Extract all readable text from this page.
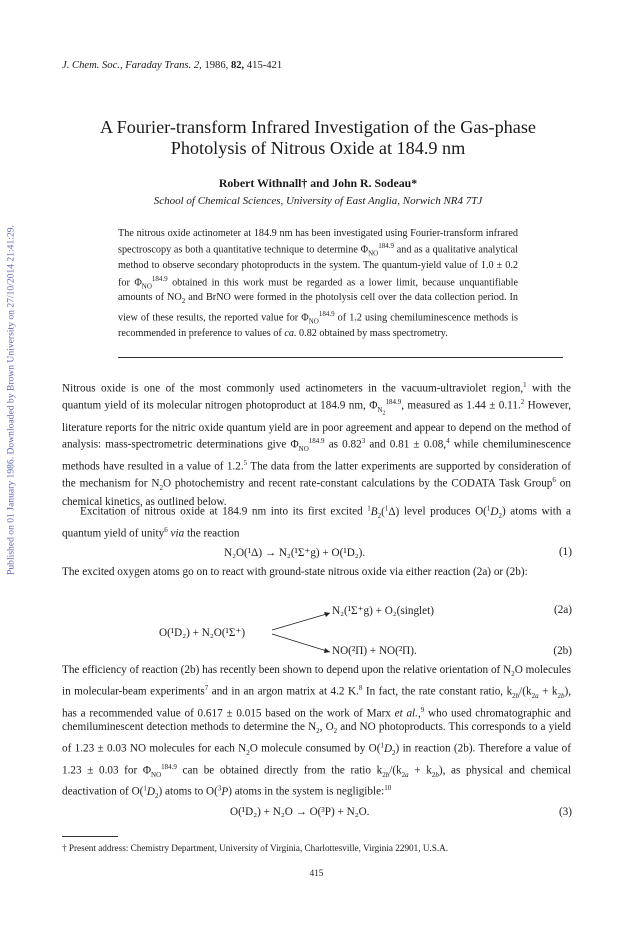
Published on 01 January 1986. Downloaded by Brown University on 27/10/2014 21:41:29.
J. Chem. Soc., Faraday Trans. 2, 1986, 82, 415-421
A Fourier-transform Infrared Investigation of the Gas-phase Photolysis of Nitrous Oxide at 184.9 nm
Robert Withnall† and John R. Sodeau*
School of Chemical Sciences, University of East Anglia, Norwich NR4 7TJ

The nitrous oxide actinometer at 184.9 nm has been investigated using Fourier-transform infrared spectroscopy as both a quantitative technique to determine $\Phi_{NO}^{184.9}$ and as a qualitative analytical method to observe secondary photoproducts in the system. The quantum-yield value of 1.0 ± 0.2 for $\Phi_{NO}^{184.9}$ obtained in this work must be regarded as a lower limit, because unquantifiable amounts of $NO_2$ and BrNO were formed in the photolysis cell over the data collection period. In view of these results, the reported value for $\Phi_{NO}^{184.9}$ of 1.2 using chemiluminescence methods is recommended in preference to values of ca. 0.82 obtained by mass spectrometry.

Nitrous oxide is one of the most commonly used actinometers in the vacuum-ultraviolet region,$^1$ with the quantum yield of its molecular nitrogen photoproduct at 184.9 nm, $\Phi_{N_2}^{184.9}$, measured as 1.44 ± 0.11.$^2$ However, literature reports for the nitric oxide quantum yield are in poor agreement and appear to depend on the method of analysis: mass-spectrometric determinations give $\Phi_{NO}^{184.9}$ as 0.82$^3$ and 0.81 ± 0.08,$^4$ while chemiluminescence methods have resulted in a value of 1.2.$^5$ The data from the latter experiments are supported by consideration of the mechanism for $N_2O$ photochemistry and recent rate-constant calculations by the CODATA Task Group$^6$ on chemical kinetics, as outlined below.

Excitation of nitrous oxide at 184.9 nm into its first excited $^1B_2(^1\Delta)$ level produces $O(^1D_2)$ atoms with a quantum yield of unity$^6$ via the reaction

N₂O(¹Δ) → N₂(¹Σ⁺g) + O(¹D₂).	(1)

The excited oxygen atoms go on to react with ground-state nitrous oxide via either reaction (2a) or (2b):

O(¹D₂) + N₂O(¹Σ⁺)
N₂(¹Σ⁺g) + O₂(singlet)	(2a)
NO(²Π) + NO(²Π).	(2b)

The efficiency of reaction (2b) has recently been shown to depend upon the relative orientation of $N_2O$ molecules in molecular-beam experiments$^7$ and in an argon matrix at 4.2 K.$^8$ In fact, the rate constant ratio, $k_{2b}/(k_{2a} + k_{2b})$, has a recommended value of 0.617 ± 0.015 based on the work of Marx et al.,$^9$ who used chromatographic and chemiluminescent detection methods to determine the $N_2$, $O_2$ and NO photoproducts. This corresponds to a yield of 1.23 ± 0.03 NO molecules for each $N_2O$ molecule consumed by $O(^1D_2)$ in reaction (2b). Therefore a value of 1.23 ± 0.03 for $\Phi_{NO}^{184.9}$ can be obtained directly from the ratio $k_{2b}/(k_{2a} + k_{2b})$, as physical and chemical deactivation of $O(^1D_2)$ atoms to O($^3$P) atoms in the system is negligible:$^{10}$

O(¹D₂) + N₂O → O(³P) + N₂O.	(3)
† Present address: Chemistry Department, University of Virginia, Charlottesville, Virginia 22901, U.S.A.
415
